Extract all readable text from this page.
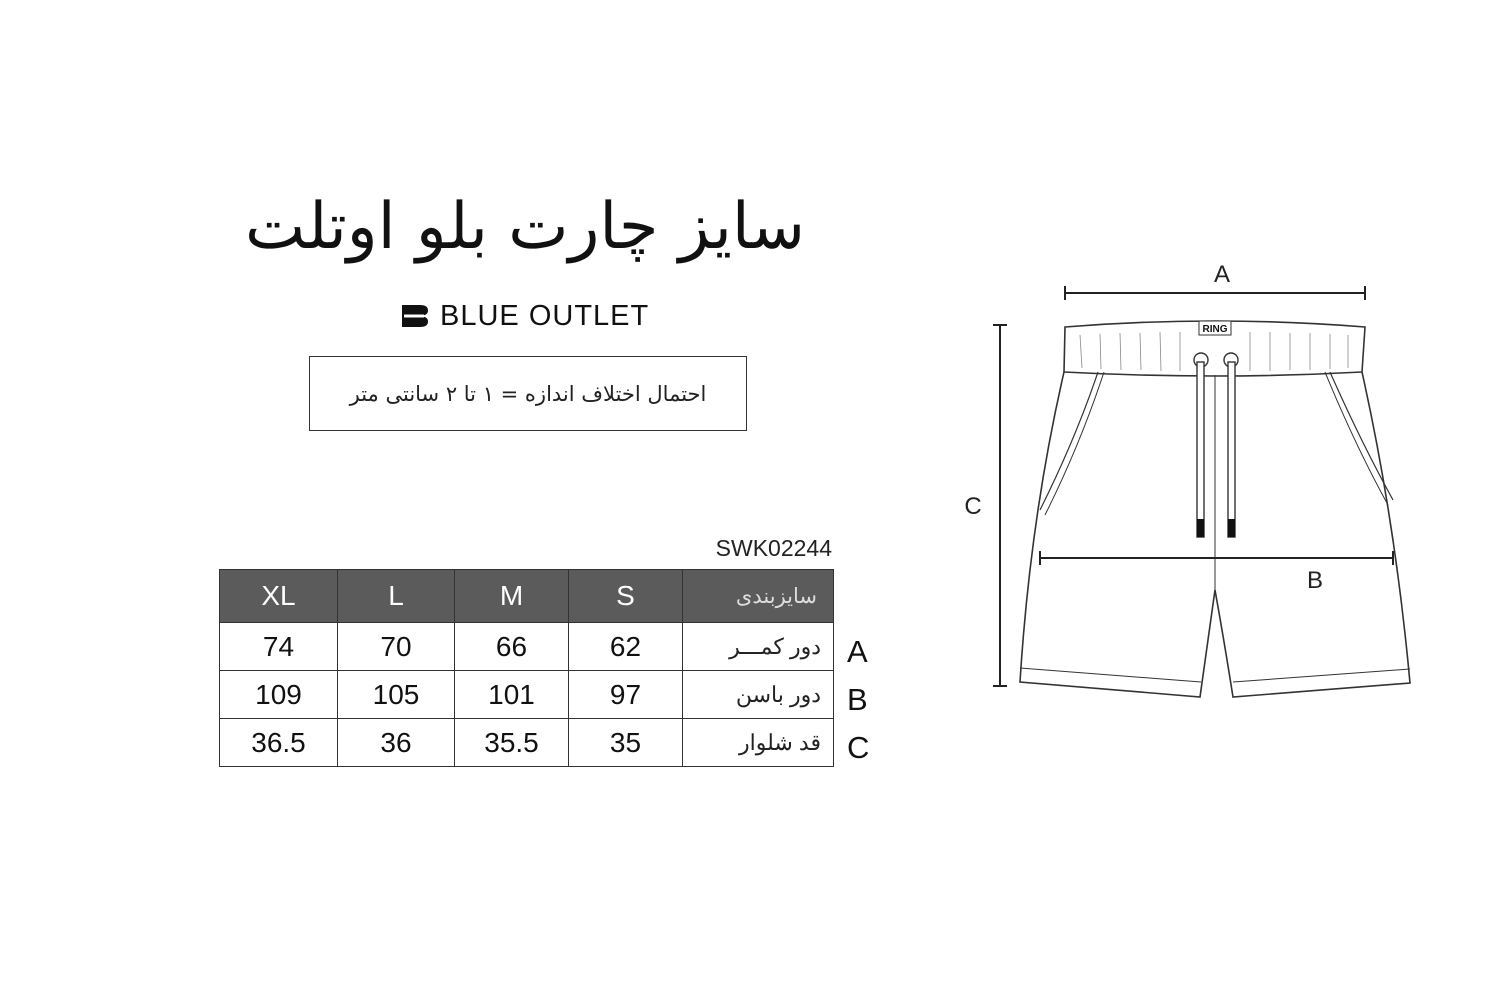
سایز چارت بلو اوتلت
BLUE OUTLET
احتمال اختلاف اندازه = ۱ تا ۲ سانتی متر
SWK02244
XL	L	M	S	سایزبندی
74	70	66	62	دور کمـــر
109	105	101	97	دور باسن
36.5	36	35.5	35	قد شلوار
A
B
C
A
C
RING
B
